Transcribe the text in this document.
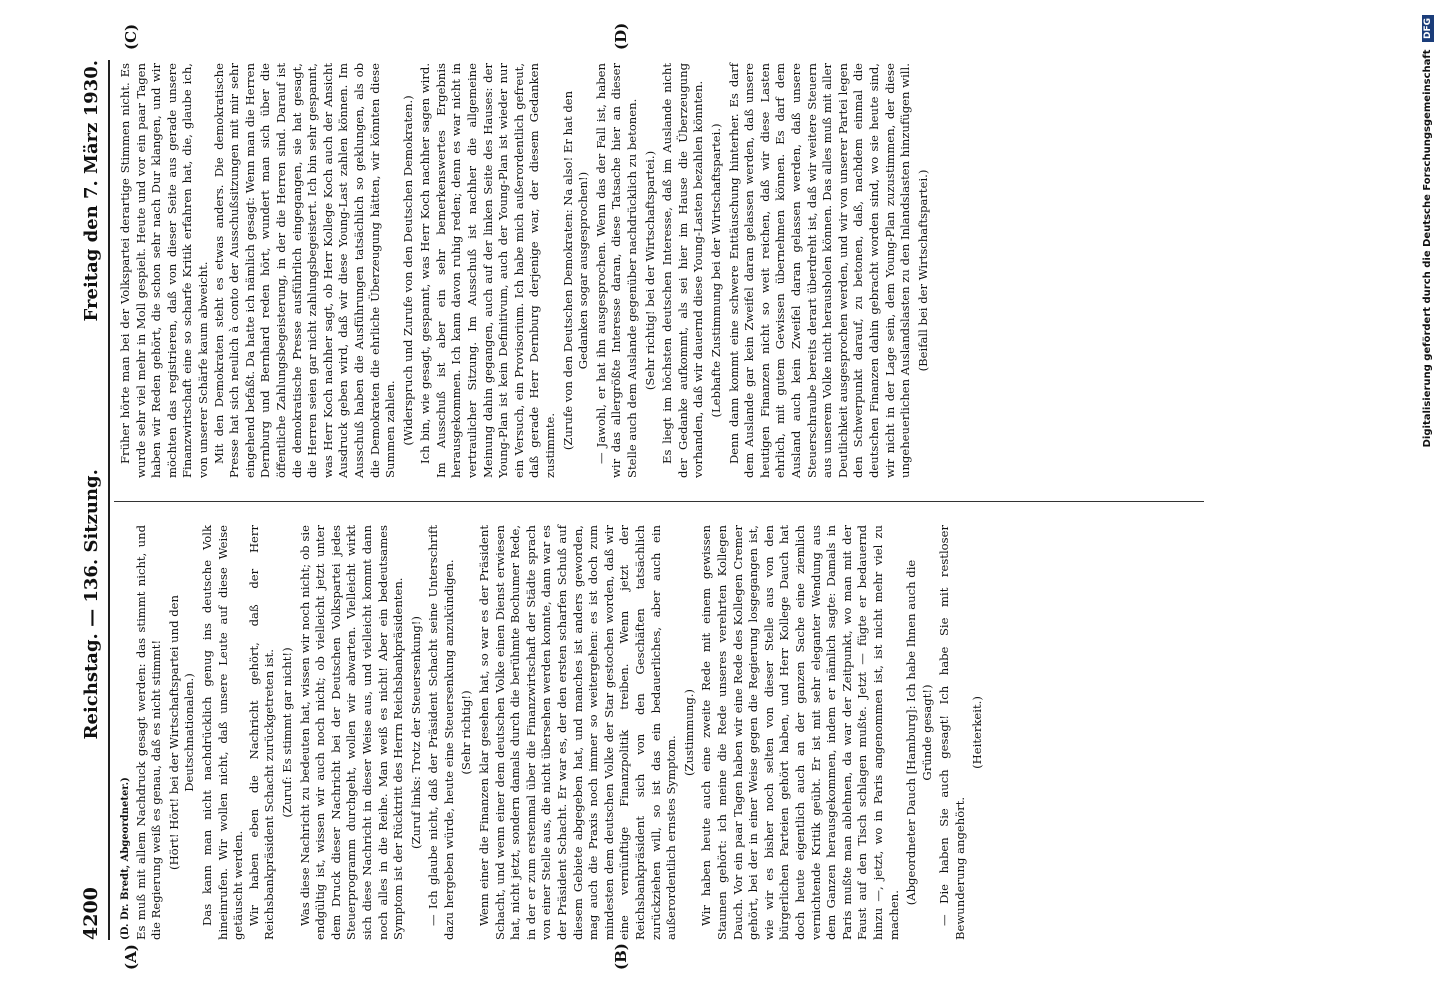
4200
Reichstag. — 136. Sitzung.
Freitag den 7. März 1930.
(A)	(B)
(C)	(D)

(D. Dr. Bredt, Abgeordneter.) Es muß mit allem Nachdruck gesagt werden: das stimmt nicht, und die Regierung weiß es genau, daß es nicht stimmt! (Hört! Hört! bei der Wirtschaftspartei und den Deutschnationalen.) Das kann man nicht nachdrücklich genug ins deutsche Volk hineinrufen. Wir wollen nicht, daß unsere Leute auf diese Weise getäuscht werden. Wir haben eben die Nachricht gehört, daß der Herr Reichsbankpräsident Schacht zurückgetreten ist. (Zuruf: Es stimmt gar nicht!) Was diese Nachricht zu bedeuten hat, wissen wir noch nicht; ob sie endgültig ist, wissen wir auch noch nicht; ob vielleicht jetzt unter dem Druck dieser Nachricht bei der Deutschen Volkspartei jedes Steuerprogramm durchgeht, wollen wir abwarten. Vielleicht wirkt sich diese Nachricht in dieser Weise aus, und vielleicht kommt dann noch alles in die Reihe. Man weiß es nicht! Aber ein bedeutsames Symptom ist der Rücktritt des Herrn Reichsbankpräsidenten. (Zuruf links: Trotz der Steuersenkung!) — Ich glaube nicht, daß der Präsident Schacht seine Unterschrift dazu hergeben würde, heute eine Steuersenkung anzukündigen. (Sehr richtig!) Wenn einer die Finanzen klar gesehen hat, so war es der Präsident Schacht, und wenn einer dem deutschen Volke einen Dienst erwiesen hat, nicht jetzt, sondern damals durch die berühmte Bochumer Rede, in der er zum erstenmal über die Finanzwirtschaft der Städte sprach von einer Stelle aus, die nicht übersehen werden konnte, dann war es der Präsident Schacht. Er war es, der den ersten scharfen Schuß auf diesem Gebiete abgegeben hat, und manches ist anders geworden, mag auch die Praxis noch immer so weitergehen: es ist doch zum mindesten dem deutschen Volke der Star gestochen worden, daß wir eine vernünftige Finanzpolitik treiben. Wenn jetzt der Reichsbankpräsident sich von den Geschäften tatsächlich zurückziehen will, so ist das ein bedauerliches, aber auch ein außerordentlich ernstes Symptom.

(Zustimmung.) Wir haben heute auch eine zweite Rede mit einem gewissen Staunen gehört: ich meine die Rede unseres verehrten Kollegen Dauch. Vor ein paar Tagen haben wir eine Rede des Kollegen Cremer gehört, bei der in einer Weise gegen die Regierung losgegangen ist, wie wir es bisher noch selten von dieser Stelle aus von den bürgerlichen Parteien gehört haben, und Herr Kollege Dauch hat doch heute eigentlich auch an der ganzen Sache eine ziemlich vernichtende Kritik geübt. Er ist mit sehr eleganter Wendung aus dem Ganzen herausgekommen, indem er nämlich sagte: Damals in Paris mußte man ablehnen, da war der Zeitpunkt, wo man mit der Faust auf den Tisch schlagen mußte. Jetzt — fügte er bedauernd hinzu —, jetzt, wo in Paris angenommen ist, ist nicht mehr viel zu machen.

(Abgeordneter Dauch [Hamburg]: Ich habe Ihnen auch die Gründe gesagt!) — Die haben Sie auch gesagt! Ich habe Sie mit restloser Bewunderung angehört.

(Heiterkeit.)

Früher hörte man bei der Volkspartei derartige Stimmen nicht. Es wurde sehr viel mehr in Moll gespielt. Heute und vor ein paar Tagen haben wir Reden gehört, die schon sehr nach Dur klangen, und wir möchten das registrieren, daß von dieser Seite aus gerade unsere Finanzwirtschaft eine so scharfe Kritik erfahren hat, die, glaube ich, von unserer Schärfe kaum abweicht. Mit den Demokraten steht es etwas anders. Die demokratische Presse hat sich neulich à conto der Ausschußsitzungen mit mir sehr eingehend befaßt. Da hatte ich nämlich gesagt: Wenn man die Herren Dernburg und Bernhard reden hört, wundert man sich über die öffentliche Zahlungsbegeisterung, in der die Herren sind. Darauf ist die demokratische Presse ausführlich eingegangen, sie hat gesagt, die Herren seien gar nicht zahlungsbegeistert. Ich bin sehr gespannt, was Herr Koch nachher sagt, ob Herr Kollege Koch auch der Ansicht Ausdruck geben wird, daß wir diese Young-Last zahlen können. Im Ausschuß haben die Ausführungen tatsächlich so geklungen, als ob die Demokraten die ehrliche Überzeugung hätten, wir könnten diese Summen zahlen. (Widerspruch und Zurufe von den Deutschen Demokraten.) Ich bin, wie gesagt, gespannt, was Herr Koch nachher sagen wird. Im Ausschuß ist aber ein sehr bemerkenswertes Ergebnis herausgekommen. Ich kann davon ruhig reden; denn es war nicht in vertraulicher Sitzung. Im Ausschuß ist nachher die allgemeine Meinung dahin gegangen, auch auf der linken Seite des Hauses: der Young-Plan ist kein Definitivum, auch der Young-Plan ist wieder nur ein Versuch, ein Provisorium. Ich habe mich außerordentlich gefreut, daß gerade Herr Dernburg derjenige war, der diesem Gedanken zustimmte. (Zurufe von den Deutschen Demokraten: Na also! Er hat den Gedanken sogar ausgesprochen!) — Jawohl, er hat ihn ausgesprochen. Wenn das der Fall ist, haben wir das allergrößte Interesse daran, diese Tatsache hier an dieser Stelle auch dem Auslande gegenüber nachdrücklich zu betonen. (Sehr richtig! bei der Wirtschaftspartei.) Es liegt im höchsten deutschen Interesse, daß im Auslande nicht der Gedanke aufkommt, als sei hier im Hause die Überzeugung vorhanden, daß wir dauernd diese Young-Lasten bezahlen könnten. (Lebhafte Zustimmung bei der Wirtschaftspartei.) Denn dann kommt eine schwere Enttäuschung hinterher. Es darf dem Auslande gar kein Zweifel daran gelassen werden, daß unsere heutigen Finanzen nicht so weit reichen, daß wir diese Lasten ehrlich, mit gutem Gewissen übernehmen können. Es darf dem Ausland auch kein Zweifel daran gelassen werden, daß unsere Steuerschraube bereits derart überdreht ist, daß wir weitere Steuern aus unserem Volke nicht herausholen können. Das alles muß mit aller Deutlichkeit ausgesprochen werden, und wir von unserer Partei legen den Schwerpunkt darauf, zu betonen, daß, nachdem einmal die deutschen Finanzen dahin gebracht worden sind, wo sie heute sind, wir nicht in der Lage sein, dem Young-Plan zuzustimmen, der diese ungeheuerlichen Auslandslasten zu den Inlandslasten hinzufügen will. (Beifall bei der Wirtschaftspartei.)	Digitalisierung gefördert durch die Deutsche Forschungsgemeinschaft DFG
